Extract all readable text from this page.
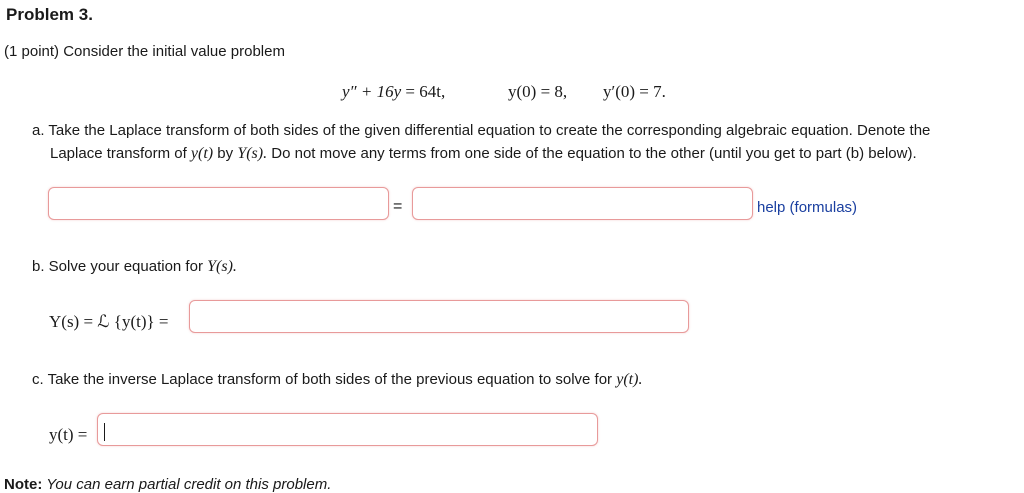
Problem 3.
(1 point) Consider the initial value problem
y″ + 16y = 64t,	y(0) = 8, y′(0) = 7.
a. Take the Laplace transform of both sides of the given differential equation to create the corresponding algebraic equation. Denote the
Laplace transform of y(t) by Y(s). Do not move any terms from one side of the equation to the other (until you get to part (b) below).
=	help (formulas)
b. Solve your equation for Y(s).
Y(s) = ℒ {y(t)} =
c. Take the inverse Laplace transform of both sides of the previous equation to solve for y(t).
y(t) =
Note: You can earn partial credit on this problem.
